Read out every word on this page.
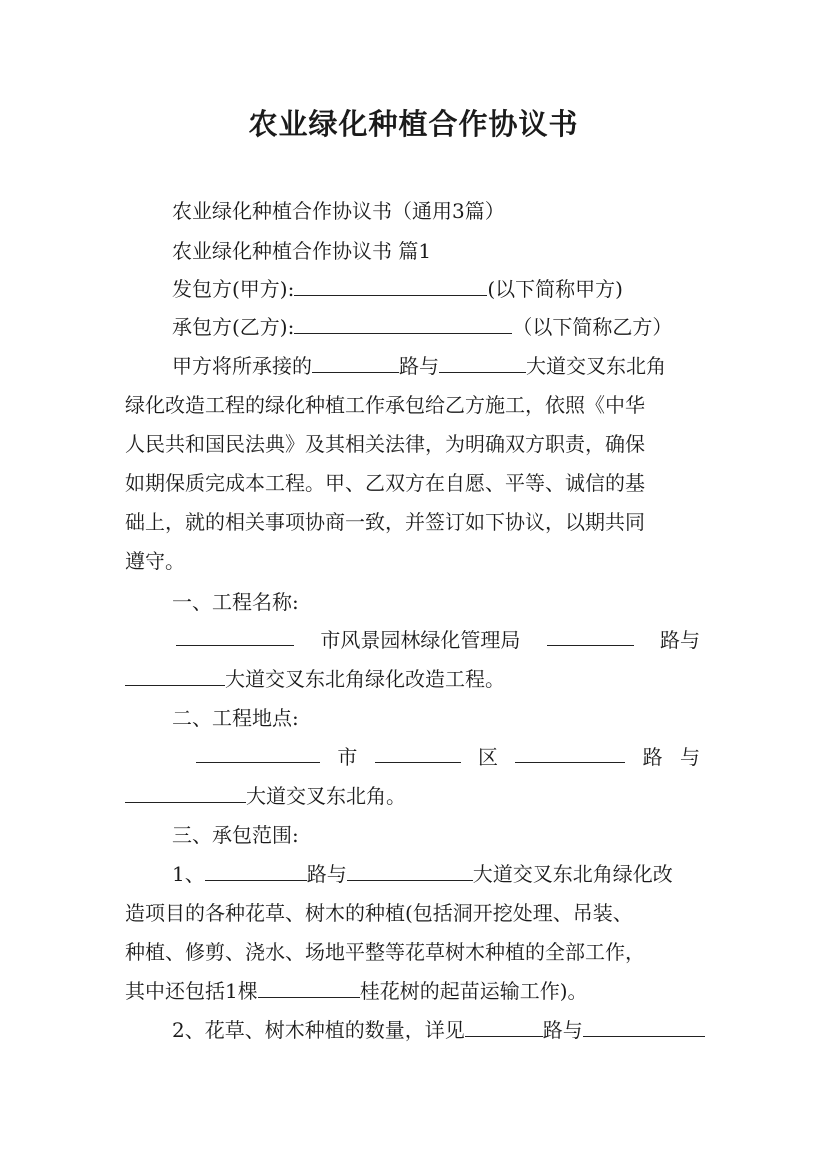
农业绿化种植合作协议书
农业绿化种植合作协议书（通用3篇）
农业绿化种植合作协议书 篇1
发包方(甲方):	(以下简称甲方)
承包方(乙方):	（以下简称乙方）
甲方将所承接的	路与	大道交叉东北角
绿化改造工程的绿化种植工作承包给乙方施工，依照《中华
人民共和国民法典》及其相关法律，为明确双方职责，确保
如期保质完成本工程。甲、乙双方在自愿、平等、诚信的基
础上，就的相关事项协商一致，并签订如下协议，以期共同
遵守。
一、工程名称:
市风景园林绿化管理局	路与
大道交叉东北角绿化改造工程。
二、工程地点:
市	区	路 与
大道交叉东北角。
三、承包范围:
1、	路与	大道交叉东北角绿化改
造项目的各种花草、树木的种植(包括洞开挖处理、吊装、
种植、修剪、浇水、场地平整等花草树木种植的全部工作，
其中还包括1棵	桂花树的起苗运输工作)。
2、花草、树木种植的数量，详见	路与
